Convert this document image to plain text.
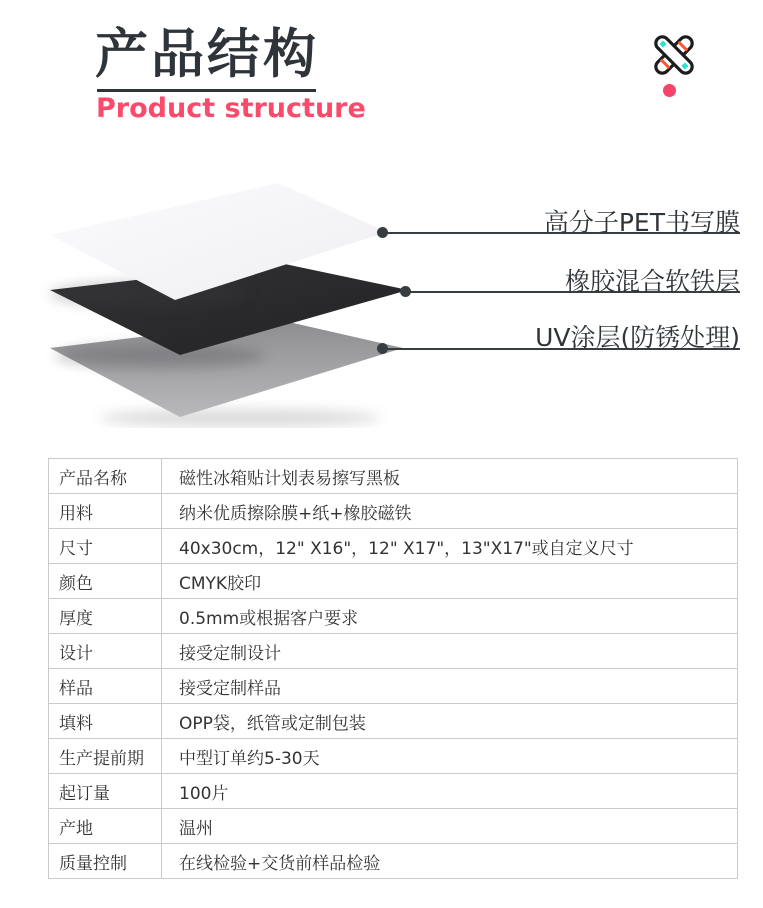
产品结构
Product structure
高分子PET书写膜
橡胶混合软铁层
UV涂层(防锈处理)
产品名称	磁性冰箱贴计划表易擦写黑板
用料	纳米优质擦除膜+纸+橡胶磁铁
尺寸	40x30cm，12" X16"，12" X17"，13"X17"或自定义尺寸
颜色	CMYK胶印
厚度	0.5mm或根据客户要求
设计	接受定制设计
样品	接受定制样品
填料	OPP袋，纸管或定制包装
生产提前期	中型订单约5-30天
起订量	100片
产地	温州
质量控制	在线检验+交货前样品检验
